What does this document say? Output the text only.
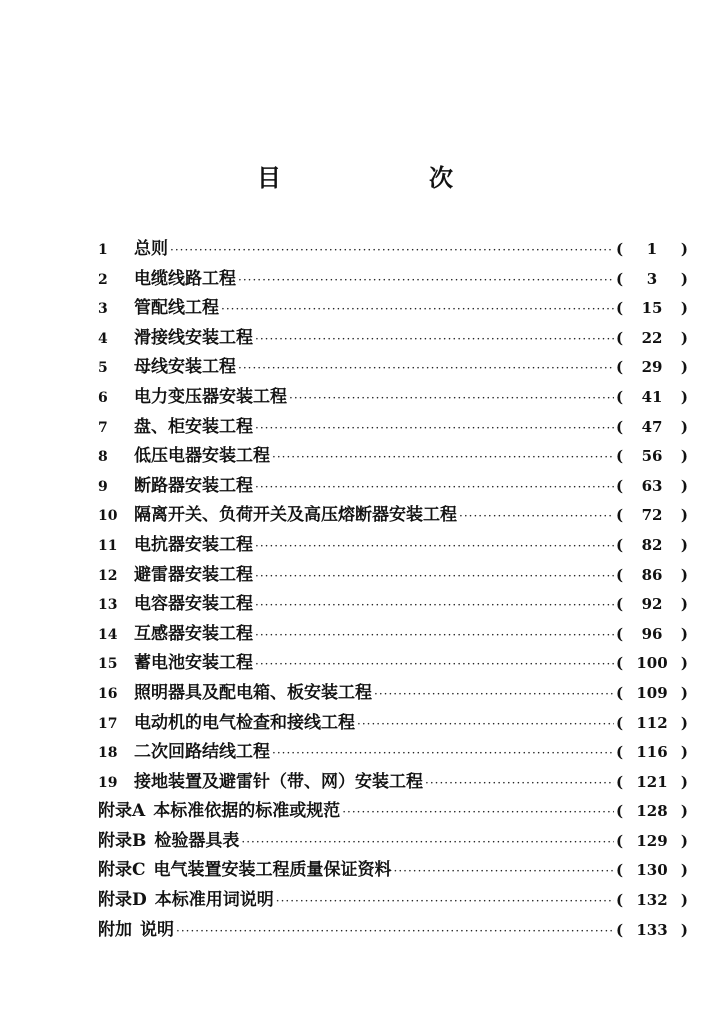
目　次
1	总则 ·····	(	1	)
2	电缆线路工程 ·····	(	3	)
3	管配线工程 ·····	(	15	)
4	滑接线安装工程 ·····	(	22	)
5	母线安装工程 ·····	(	29	)
6	电力变压器安装工程 ·····	(	41	)
7	盘、柜安装工程 ·····	(	47	)
8	低压电器安装工程 ·····	(	56	)
9	断路器安装工程 ·····	(	63	)
10 隔离开关、负荷开关及高压熔断器安装工程 ·····	(	72	)
11 电抗器安装工程 ·····	(	82	)
12 避雷器安装工程 ·····	(	86	)
13 电容器安装工程 ·····	(	92	)
14 互感器安装工程 ·····	(	96	)
15 蓄电池安装工程 ·····	( 100 )
16 照明器具及配电箱、板安装工程 ·····	( 109 )
17 电动机的电气检查和接线工程 ·····	( 112 )
18 二次回路结线工程 ·····	( 116 )
19 接地装置及避雷针（带、网）安装工程 ·····	( 121 )
附录A 本标准依据的标准或规范 ·····	( 128 )
附录B 检验器具表 ·····	( 129 )
附录C 电气装置安装工程质量保证资料 ·····	( 130 )
附录D 本标准用词说明 ·····	( 132 )
附加 说明 ·····	( 133 )
